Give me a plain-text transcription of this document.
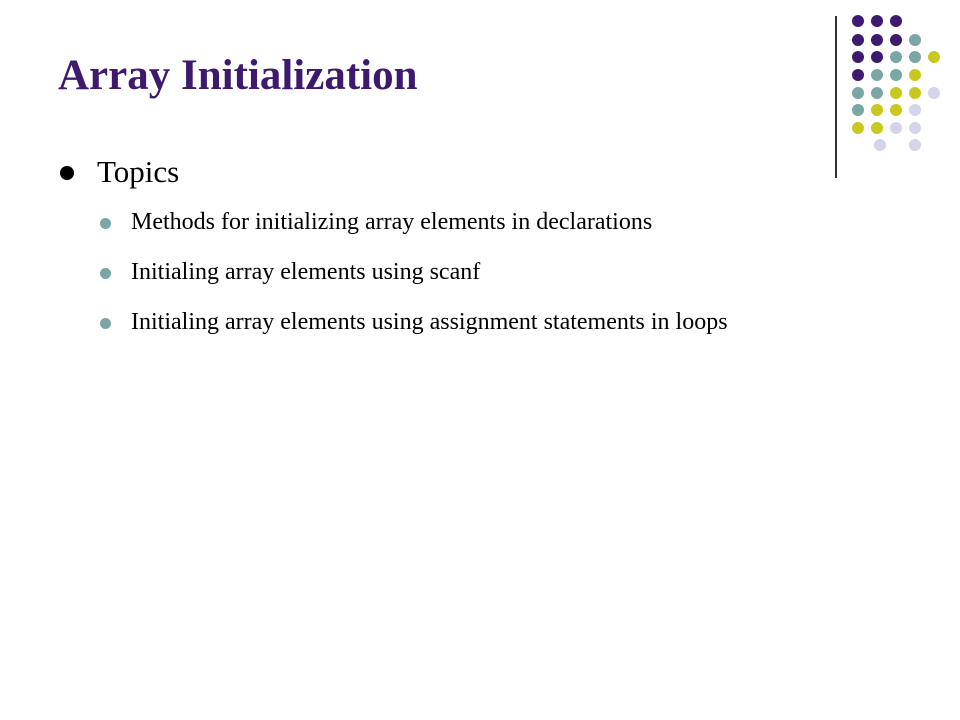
Array Initialization
Topics
Methods for initializing array elements in declarations
Initialing array elements using scanf
Initialing array elements using assignment statements in loops
